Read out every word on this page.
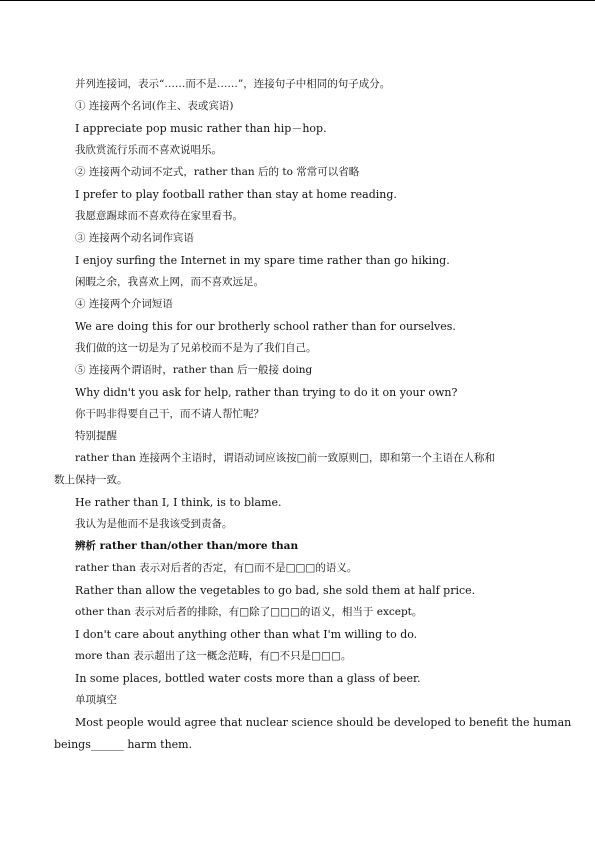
并列连接词，表示“……而不是……”，连接句子中相同的句子成分。
① 连接两个名词(作主、表或宾语)
I appreciate pop music rather than hip－hop.
我欣赏流行乐而不喜欢说唱乐。
② 连接两个动词不定式，rather than 后的 to 常常可以省略
I prefer to play football rather than stay at home reading.
我愿意踢球而不喜欢待在家里看书。
③ 连接两个动名词作宾语
I enjoy surfing the Internet in my spare time rather than go hiking.
闲暇之余，我喜欢上网，而不喜欢远足。
④ 连接两个介词短语
We are doing this for our brotherly school rather than for ourselves.
我们做的这一切是为了兄弟校而不是为了我们自己。
⑤ 连接两个谓语时，rather than 后一般接 doing
Why didn't you ask for help, rather than trying to do it on your own?
你干吗非得要自己干，而不请人帮忙呢？
特别提醒
rather than 连接两个主语时，谓语动词应该按□前一致原则□，即和第一个主语在人称和
数上保持一致。
He rather than I, I think, is to blame.
我认为是他而不是我该受到责备。
辨析 rather than/other than/more than
rather than 表示对后者的否定，有□而不是□□□的语义。
Rather than allow the vegetables to go bad, she sold them at half price.
other than 表示对后者的排除，有□除了□□□的语义，相当于 except。
I don't care about anything other than what I'm willing to do.
more than 表示超出了这一概念范畴，有□不只是□□□。
In some places, bottled water costs more than a glass of beer.
单项填空
Most people would agree that nuclear science should be developed to benefit the human
beings______ harm them.
